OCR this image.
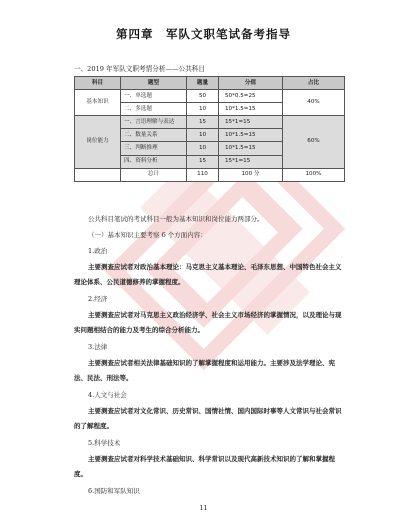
第四章　军队文职笔试备考指导
一、2019 年军队文职考情分析——公共科目
科目	题型	题量	分值	占比
基本知识	一、单选题	50	50*0.5=25	40%
	二、多选题	10	10*1.5=15	
岗位能力	一、言语理解与表达	15	15*1=15	60%
	二、数量关系	10	10*1.5=15	
	三、判断推理	10	10*1.5=15	
	四、资料分析	15	15*1=15	
	总计	110	100 分	100%
公共科目笔试的考试科目一般为基本知识和岗位能力两部分。
（一）基本知识主要考察 6 个方面内容：
1.政治
主要测查应试者对政治基本理论：马克思主义基本理论、毛泽东思想、中国特色社会主义理论体系、公民道德修养的掌握程度。
2.经济
主要测查应试者对马克思主义政治经济学、社会主义市场经济的掌握情况，以及理论与现实问题相结合的能力及考生的综合分析能力。
3.法律
主要测查应试者相关法律基础知识的了解掌握程度和运用能力。主要涉及法学理论、宪法、民法、刑法等。
4.人文与社会
主要测查应试者对文化常识、历史常识、国情社情、国内国际时事等人文常识与社会常识的了解程度。
5.科学技术
主要测查应试者对科学技术基础知识、科学常识以及现代高新技术知识的了解和掌握程度。
6.国防和军队知识
11
